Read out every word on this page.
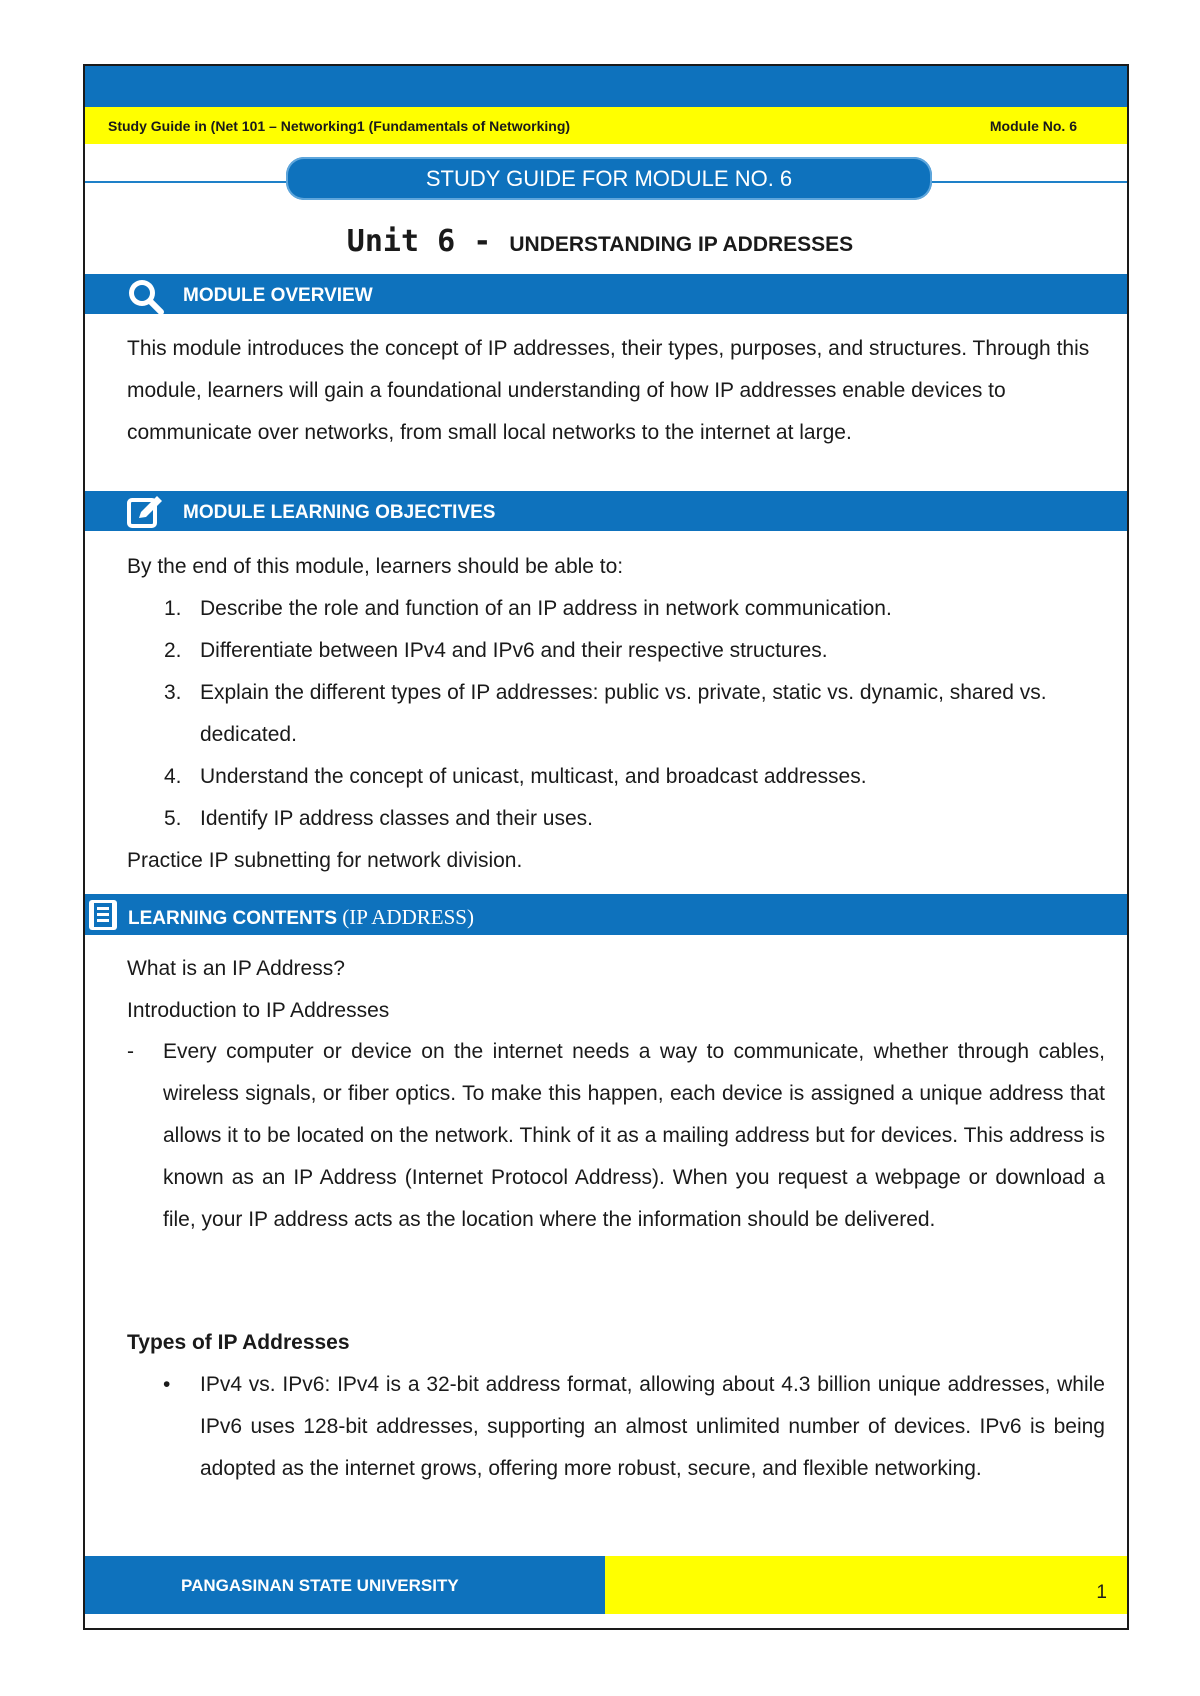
Study Guide in (Net 101 – Networking1 (Fundamentals of Networking)	Module No. 6
STUDY GUIDE FOR MODULE NO. 6
Unit 6 - UNDERSTANDING IP ADDRESSES
MODULE OVERVIEW
This module introduces the concept of IP addresses, their types, purposes, and structures. Through this module, learners will gain a foundational understanding of how IP addresses enable devices to communicate over networks, from small local networks to the internet at large.
MODULE LEARNING OBJECTIVES
By the end of this module, learners should be able to:
1. Describe the role and function of an IP address in network communication.
2. Differentiate between IPv4 and IPv6 and their respective structures.
3. Explain the different types of IP addresses: public vs. private, static vs. dynamic, shared vs. dedicated.
4. Understand the concept of unicast, multicast, and broadcast addresses.
5. Identify IP address classes and their uses.
Practice IP subnetting for network division.
LEARNING CONTENTS (IP ADDRESS)
What is an IP Address?
Introduction to IP Addresses
- Every computer or device on the internet needs a way to communicate, whether through cables, wireless signals, or fiber optics. To make this happen, each device is assigned a unique address that allows it to be located on the network. Think of it as a mailing address but for devices. This address is known as an IP Address (Internet Protocol Address). When you request a webpage or download a file, your IP address acts as the location where the information should be delivered.
Types of IP Addresses
• IPv4 vs. IPv6: IPv4 is a 32-bit address format, allowing about 4.3 billion unique addresses, while IPv6 uses 128-bit addresses, supporting an almost unlimited number of devices. IPv6 is being adopted as the internet grows, offering more robust, secure, and flexible networking.
PANGASINAN STATE UNIVERSITY	1
